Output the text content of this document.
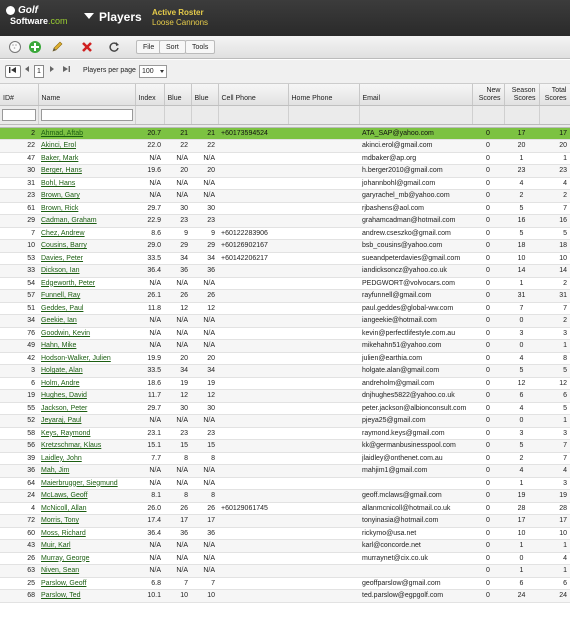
Golf
Software.com	Players Active Roster
Loose Cannons
File	Sort	Tools
1	Players per page 100
ID#	Name	Index	Blue	Blue	Cell Phone	Home Phone	Email	New Scores	Season Scores	Total Scores

2	Ahmad, Aftab	20.7	21	21	+60173594524		ATA_SAP@yahoo.com	0	17	17
22	Akinci, Erol	22.0	22	22			akinci.erol@gmail.com	0	20	20
47	Baker, Mark	N/A	N/A	N/A			mdbaker@ap.org	0	1	1
30	Berger, Hans	19.6	20	20			h.berger2010@gmail.com	0	23	23
31	Bohl, Hans	N/A	N/A	N/A			johannbohl@gmail.com	0	4	4
23	Brown, Gary	N/A	N/A	N/A			garyrachel_mb@yahoo.com	0	2	2
61	Brown, Rick	29.7	30	30			rjbashens@aol.com	0	5	7
29	Cadman, Graham	22.9	23	23			grahamcadman@hotmail.com	0	16	16
7	Chez, Andrew	8.6	9	9	+60122283906		andrew.cseszko@gmail.com	0	5	5
10	Cousins, Barry	29.0	29	29	+60126902167		bsb_cousins@yahoo.com	0	18	18
53	Davies, Peter	33.5	34	34	+60142206217		sueandpeterdavies@gmail.com	0	10	10
33	Dickson, Ian	36.4	36	36			iandicksoncz@yahoo.co.uk	0	14	14
54	Edgeworth, Peter	N/A	N/A	N/A			PEDGWORT@volvocars.com	0	1	2
57	Funnell, Ray	26.1	26	26			rayfunnell@gmail.com	0	31	31
51	Geddes, Paul	11.8	12	12			paul.geddes@global-ww.com	0	7	7
34	Geekie, Ian	N/A	N/A	N/A			iangeekie@hotmail.com	0	0	2
76	Goodwin, Kevin	N/A	N/A	N/A			kevin@perfectlifestyle.com.au	0	3	3
49	Hahn, Mike	N/A	N/A	N/A			mikehahn51@yahoo.com	0	0	1
42	Hodson-Walker, Julien	19.9	20	20			julien@earthia.com	0	4	8
3	Holgate, Alan	33.5	34	34			holgate.alan@gmail.com	0	5	5
6	Holm, Andre	18.6	19	19			andreholm@gmail.com	0	12	12
19	Hughes, David	11.7	12	12			dnjhughes5822@yahoo.co.uk	0	6	6
55	Jackson, Peter	29.7	30	30			peter.jackson@albionconsult.com	0	4	5
52	Jeyaraj, Paul	N/A	N/A	N/A			pjeya25@gmail.com	0	0	1
58	Keys, Raymond	23.1	23	23			raymond.keys@gmail.com	0	3	3
56	Kretzschmar, Klaus	15.1	15	15			kk@germanbusinesspool.com	0	5	7
39	Laidley, John	7.7	8	8			jlaidley@onthenet.com.au	0	2	7
36	Mah, Jim	N/A	N/A	N/A			mahjim1@gmail.com	0	4	4
64	Maierbrugger, Siegmund	N/A	N/A	N/A				0	1	3
24	McLaws, Geoff	8.1	8	8			geoff.mclaws@gmail.com	0	19	19
4	McNicoll, Allan	26.0	26	26	+60129061745		allanmcnicoll@hotmail.co.uk	0	28	28
72	Morris, Tony	17.4	17	17			tonyinasia@hotmail.com	0	17	17
60	Moss, Richard	36.4	36	36			rickymo@usa.net	0	10	10
43	Muir, Karl	N/A	N/A	N/A			karl@concorde.net	0	1	1
26	Murray, George	N/A	N/A	N/A			murraynet@cix.co.uk	0	0	4
63	Niven, Sean	N/A	N/A	N/A				0	1	1
25	Parslow, Geoff	6.8	7	7			geoffparslow@gmail.com	0	6	6
68	Parslow, Ted	10.1	10	10			ted.parslow@egpgolf.com	0	24	24
